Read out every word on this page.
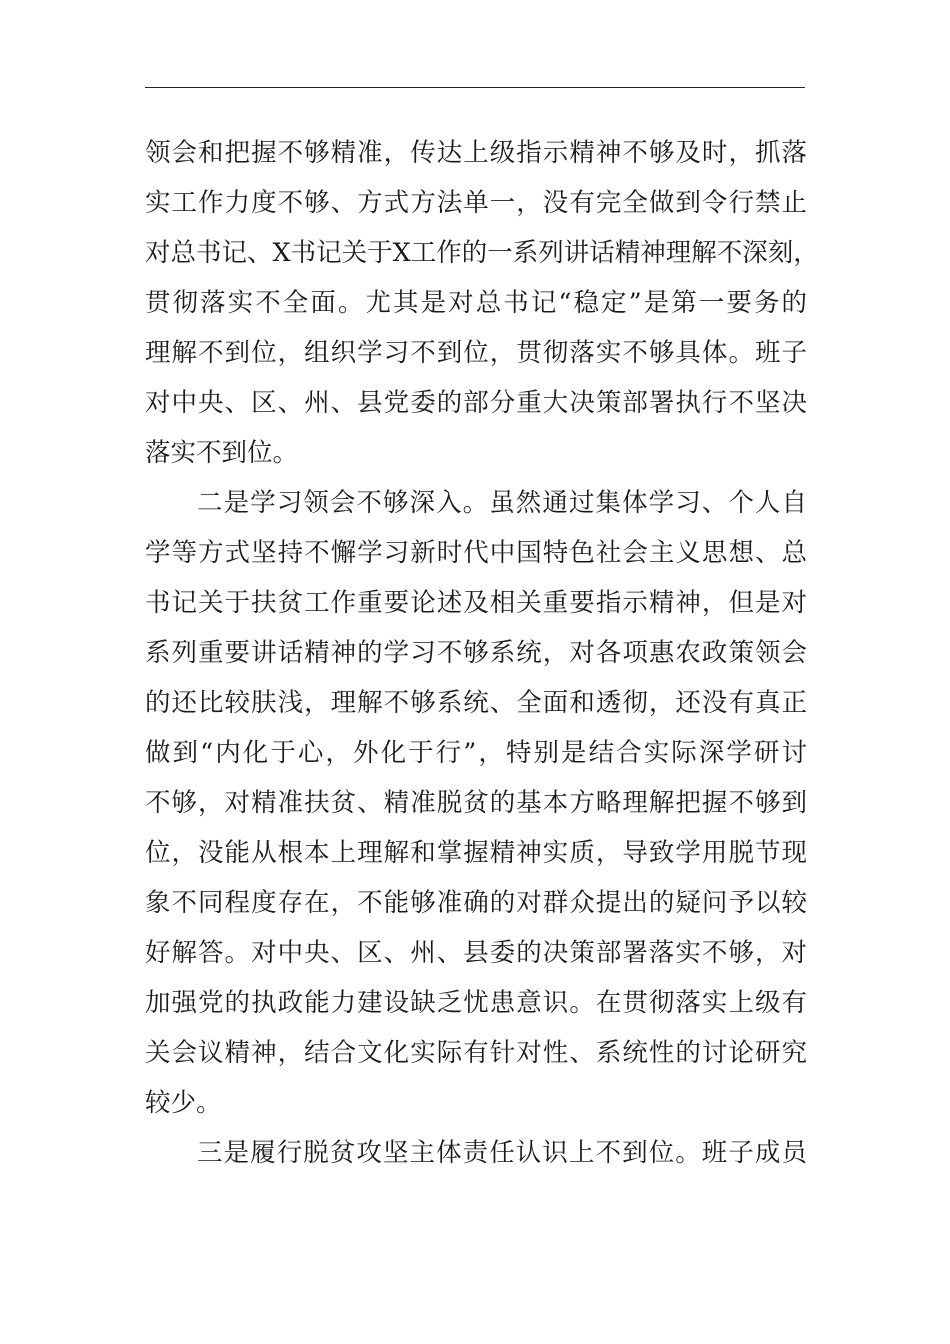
领会和把握不够精准，传达上级指示精神不够及时，抓落
实工作力度不够、方式方法单一，没有完全做到令行禁止
对总书记、X书记关于X工作的一系列讲话精神理解不深刻，
贯彻落实不全面。尤其是对总书记“稳定”是第一要务的
理解不到位，组织学习不到位，贯彻落实不够具体。班子
对中央、区、州、县党委的部分重大决策部署执行不坚决
落实不到位。
二是学习领会不够深入。虽然通过集体学习、个人自
学等方式坚持不懈学习新时代中国特色社会主义思想、总
书记关于扶贫工作重要论述及相关重要指示精神，但是对
系列重要讲话精神的学习不够系统，对各项惠农政策领会
的还比较肤浅，理解不够系统、全面和透彻，还没有真正
做到“内化于心，外化于行”，特别是结合实际深学研讨
不够，对精准扶贫、精准脱贫的基本方略理解把握不够到
位，没能从根本上理解和掌握精神实质，导致学用脱节现
象不同程度存在，不能够准确的对群众提出的疑问予以较
好解答。对中央、区、州、县委的决策部署落实不够，对
加强党的执政能力建设缺乏忧患意识。在贯彻落实上级有
关会议精神，结合文化实际有针对性、系统性的讨论研究
较少。
三是履行脱贫攻坚主体责任认识上不到位。班子成员
